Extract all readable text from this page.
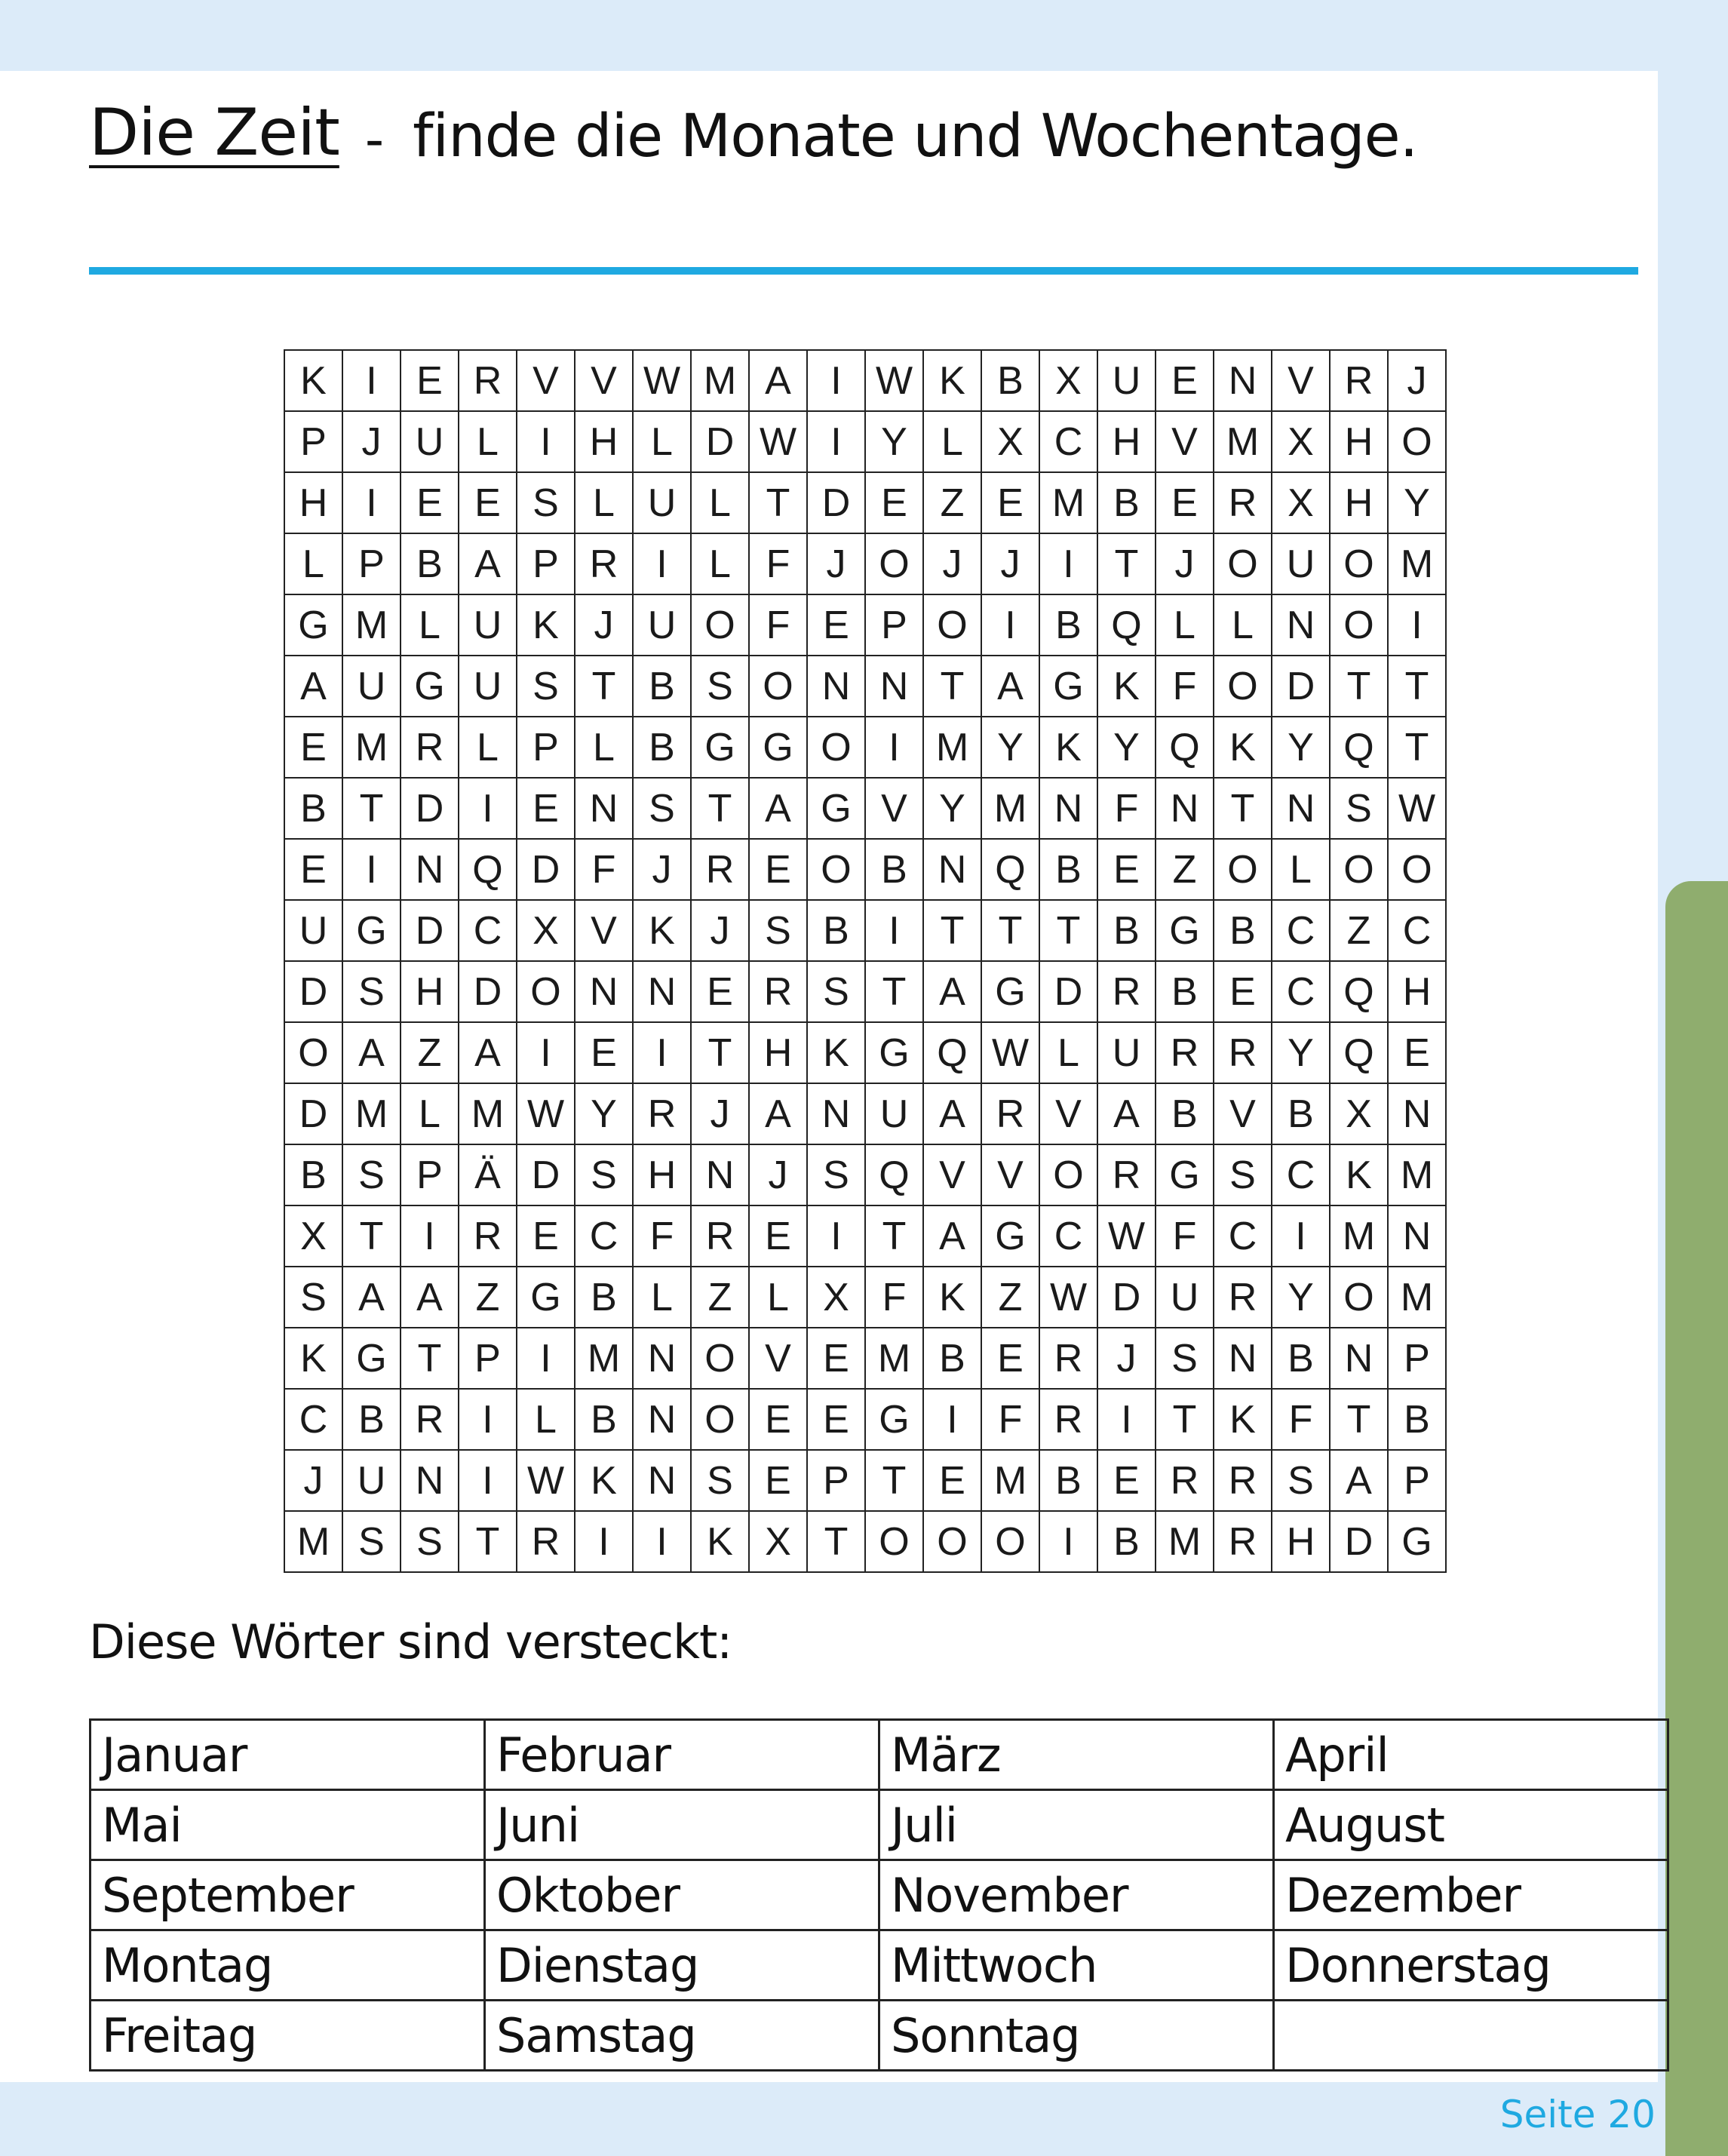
Die Zeit - finde die Monate und Wochentage.
K	I	E	R	V	V	W	M	A	I	W	K	B	X	U	E	N	V	R	J
P	J	U	L	I	H	L	D	W	I	Y	L	X	C	H	V	M	X	H	O
H	I	E	E	S	L	U	L	T	D	E	Z	E	M	B	E	R	X	H	Y
L	P	B	A	P	R	I	L	F	J	O	J	J	I	T	J	O	U	O	M
G	M	L	U	K	J	U	O	F	E	P	O	I	B	Q	L	L	N	O	I
A	U	G	U	S	T	B	S	O	N	N	T	A	G	K	F	O	D	T	T
E	M	R	L	P	L	B	G	G	O	I	M	Y	K	Y	Q	K	Y	Q	T
B	T	D	I	E	N	S	T	A	G	V	Y	M	N	F	N	T	N	S	W
E	I	N	Q	D	F	J	R	E	O	B	N	Q	B	E	Z	O	L	O	O
U	G	D	C	X	V	K	J	S	B	I	T	T	T	B	G	B	C	Z	C
D	S	H	D	O	N	N	E	R	S	T	A	G	D	R	B	E	C	Q	H
O	A	Z	A	I	E	I	T	H	K	G	Q	W	L	U	R	R	Y	Q	E
D	M	L	M	W	Y	R	J	A	N	U	A	R	V	A	B	V	B	X	N
B	S	P	Ä	D	S	H	N	J	S	Q	V	V	O	R	G	S	C	K	M
X	T	I	R	E	C	F	R	E	I	T	A	G	C	W	F	C	I	M	N
S	A	A	Z	G	B	L	Z	L	X	F	K	Z	W	D	U	R	Y	O	M
K	G	T	P	I	M	N	O	V	E	M	B	E	R	J	S	N	B	N	P
C	B	R	I	L	B	N	O	E	E	G	I	F	R	I	T	K	F	T	B
J	U	N	I	W	K	N	S	E	P	T	E	M	B	E	R	R	S	A	P
M	S	S	T	R	I	I	K	X	T	O	O	O	I	B	M	R	H	D	G
Diese Wörter sind versteckt:
Januar	Februar	März	April
Mai	Juni	Juli	August
September	Oktober	November	Dezember
Montag	Dienstag	Mittwoch	Donnerstag
Freitag	Samstag	Sonntag	
Seite 20
